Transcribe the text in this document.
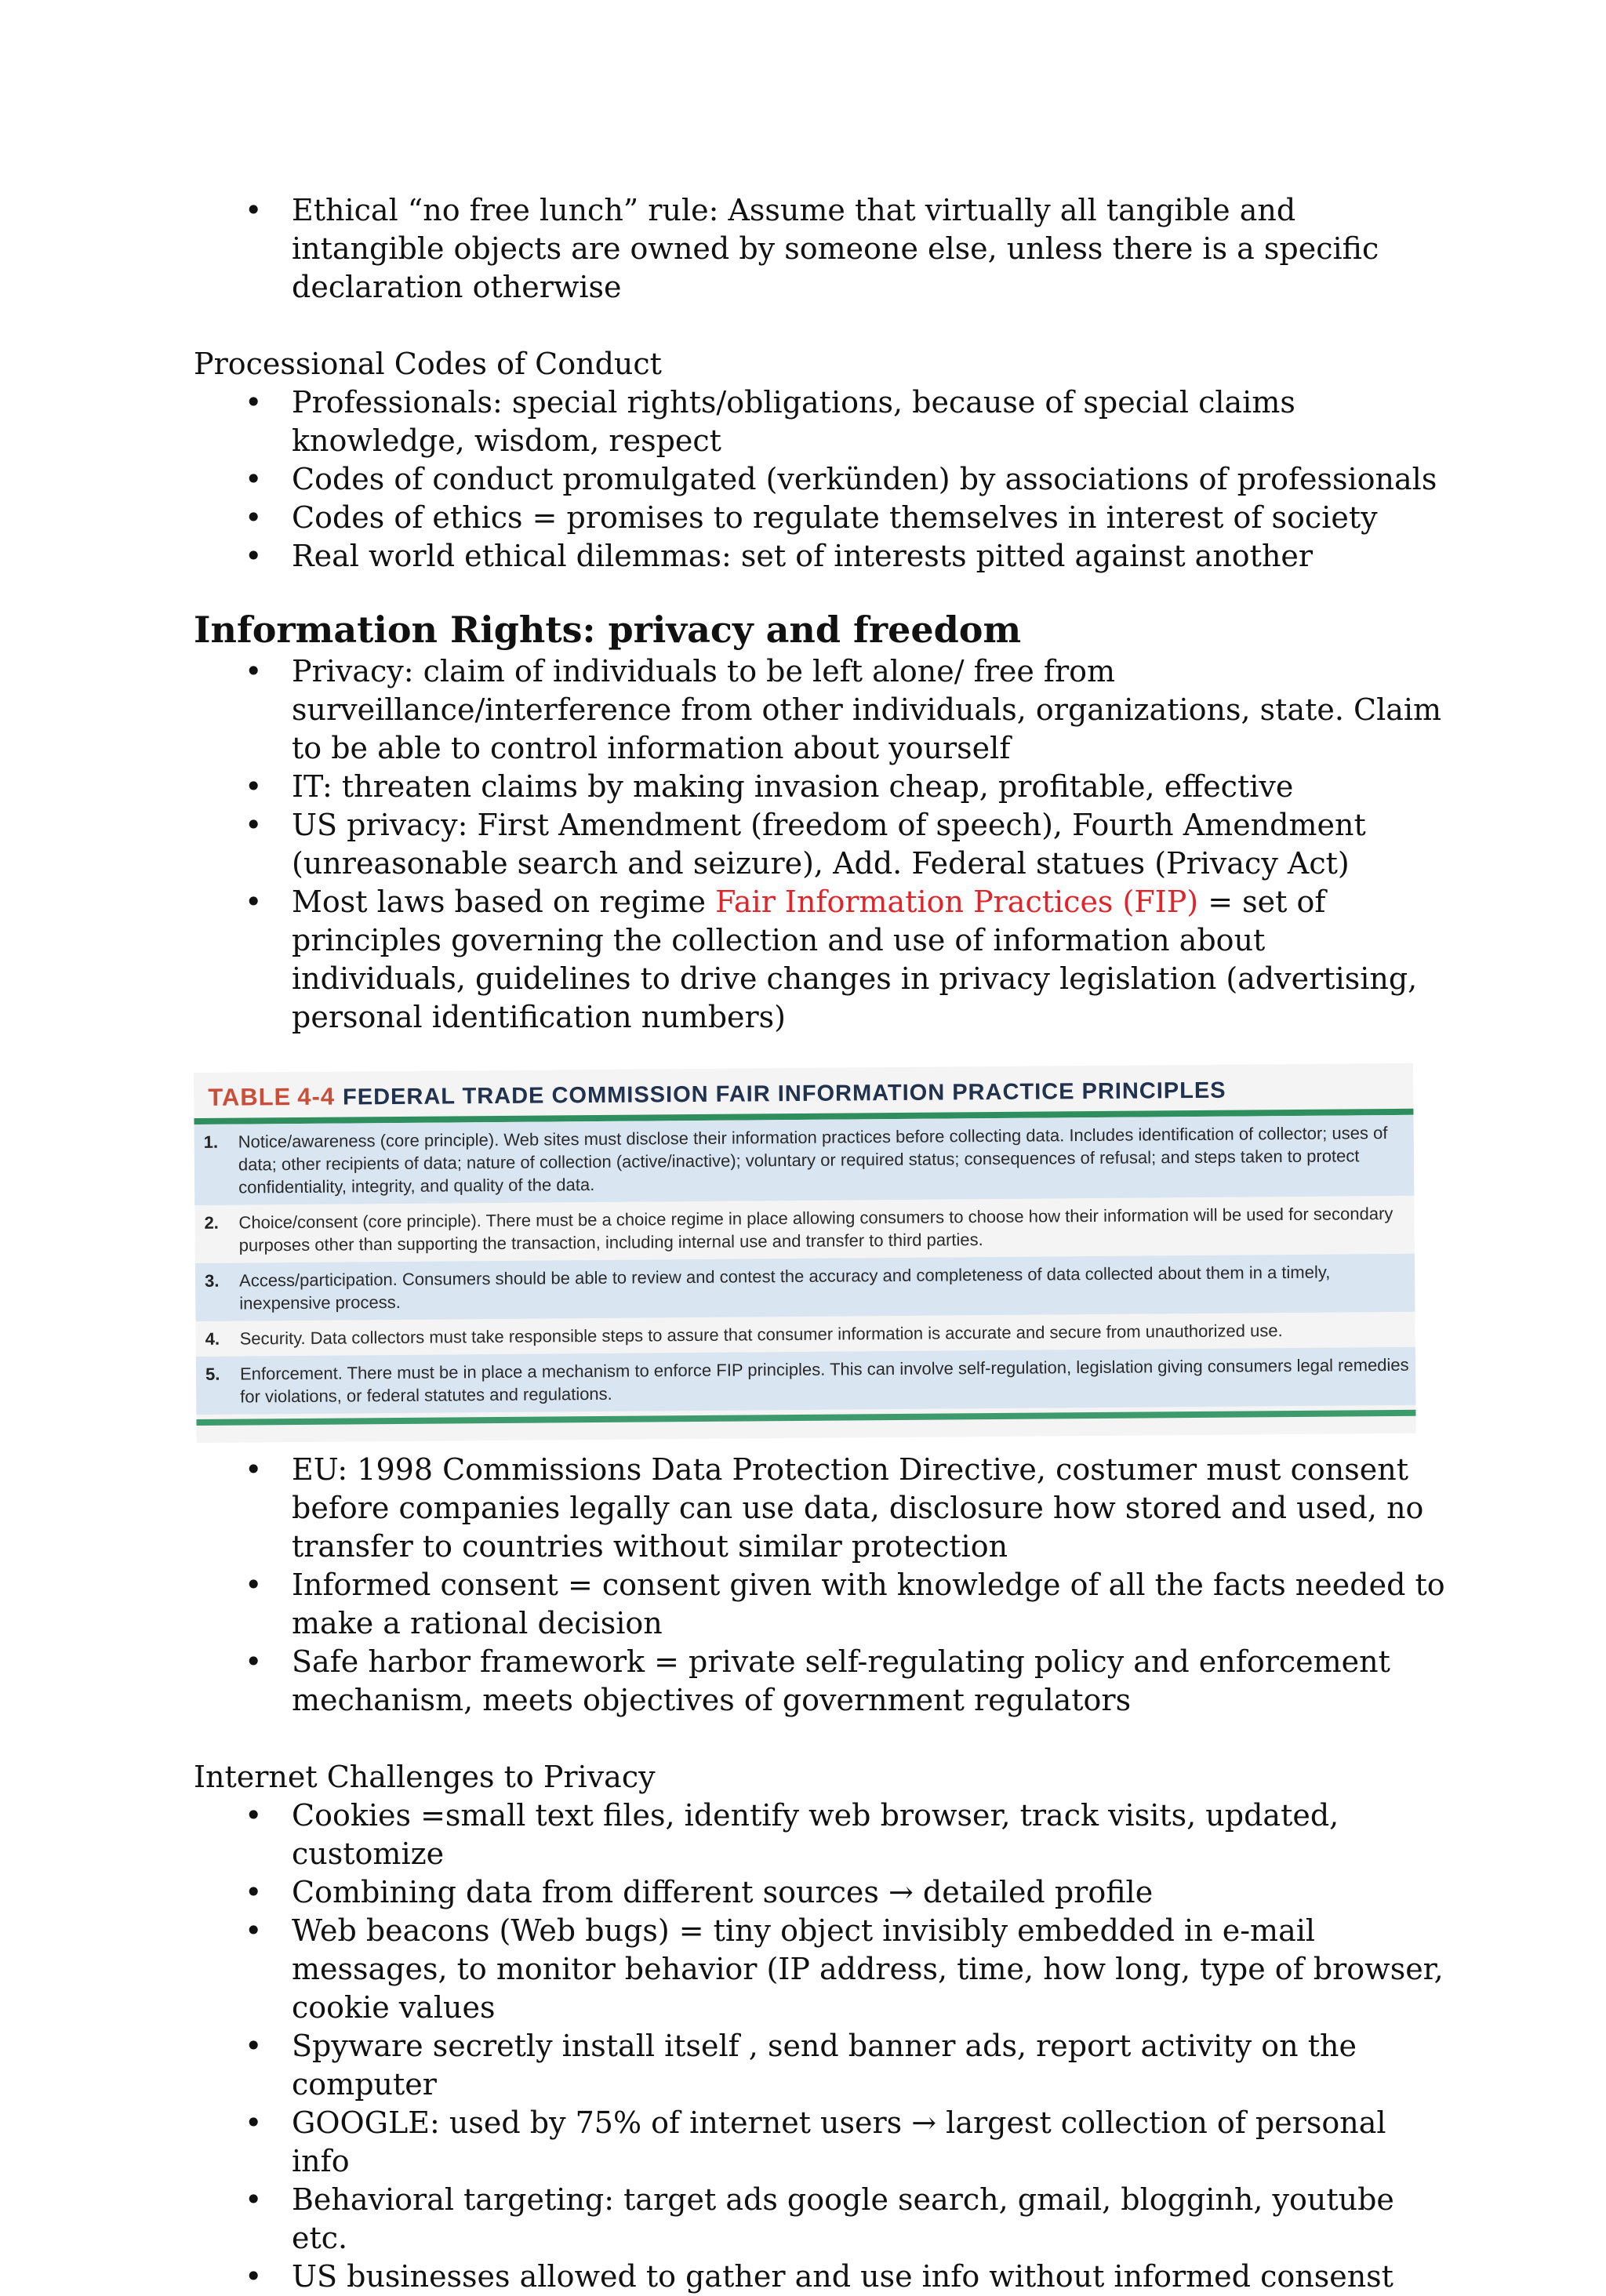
• Ethical “no free lunch” rule: Assume that virtually all tangible and intangible objects are owned by someone else, unless there is a specific declaration otherwise

Processional Codes of Conduct

• Professionals: special rights/obligations, because of special claims knowledge, wisdom, respect
• Codes of conduct promulgated (verkünden) by associations of professionals
• Codes of ethics = promises to regulate themselves in interest of society
• Real world ethical dilemmas: set of interests pitted against another

Information Rights: privacy and freedom

• Privacy: claim of individuals to be left alone/ free from surveillance/interference from other individuals, organizations, state. Claim to be able to control information about yourself
• IT: threaten claims by making invasion cheap, profitable, effective
• US privacy: First Amendment (freedom of speech), Fourth Amendment (unreasonable search and seizure), Add. Federal statues (Privacy Act)
• Most laws based on regime Fair Information Practices (FIP) = set of principles governing the collection and use of information about individuals, guidelines to drive changes in privacy legislation (advertising, personal identification numbers)
TABLE 4-4 FEDERAL TRADE COMMISSION FAIR INFORMATION PRACTICE PRINCIPLES
1.	Notice/awareness (core principle). Web sites must disclose their information practices before collecting data. Includes identification of collector; uses of data; other recipients of data; nature of collection (active/inactive); voluntary or required status; consequences of refusal; and steps taken to protect confidentiality, integrity, and quality of the data.
2.	Choice/consent (core principle). There must be a choice regime in place allowing consumers to choose how their information will be used for secondary purposes other than supporting the transaction, including internal use and transfer to third parties.
3.	Access/participation. Consumers should be able to review and contest the accuracy and completeness of data collected about them in a timely, inexpensive process.
4.	Security. Data collectors must take responsible steps to assure that consumer information is accurate and secure from unauthorized use.
5.	Enforcement. There must be in place a mechanism to enforce FIP principles. This can involve self-regulation, legislation giving consumers legal remedies for violations, or federal statutes and regulations.
• EU: 1998 Commissions Data Protection Directive, costumer must consent before companies legally can use data, disclosure how stored and used, no transfer to countries without similar protection
• Informed consent = consent given with knowledge of all the facts needed to make a rational decision
• Safe harbor framework = private self-regulating policy and enforcement mechanism, meets objectives of government regulators

Internet Challenges to Privacy

• Cookies =small text files, identify web browser, track visits, updated, customize
• Combining data from different sources → detailed profile
• Web beacons (Web bugs) = tiny object invisibly embedded in e-mail messages, to monitor behavior (IP address, time, how long, type of browser, cookie values
• Spyware secretly install itself , send banner ads, report activity on the computer
• GOOGLE: used by 75% of internet users → largest collection of personal info
• Behavioral targeting: target ads google search, gmail, blogginh, youtube etc.
• US businesses allowed to gather and use info without informed consenst
